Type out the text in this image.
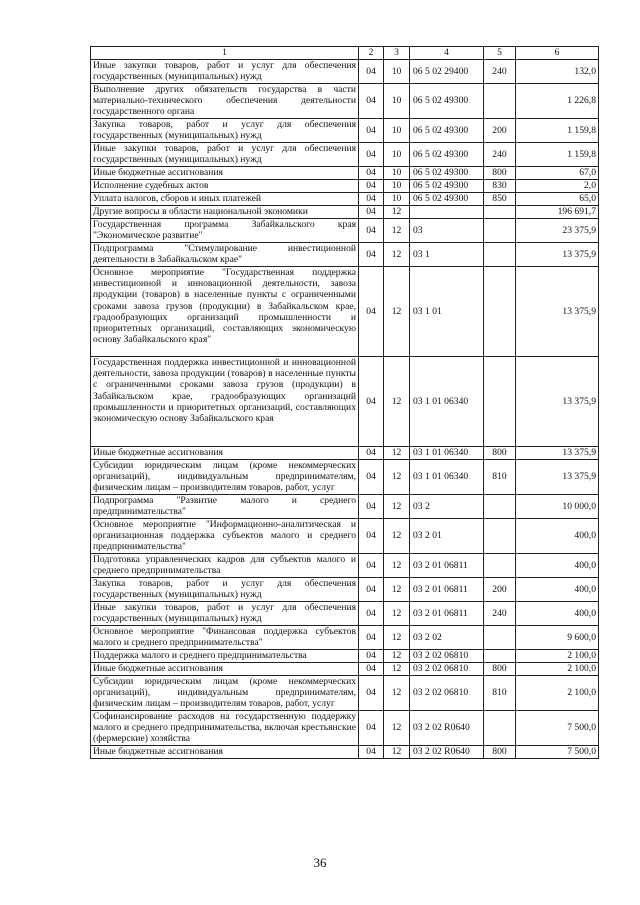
1	2	3	4	5	6
Иные закупки товаров, работ и услуг для обеспечения государственных (муниципальных) нужд	04	10	06 5 02 29400	240	132,0
Выполнение других обязательств государства в части материально-технического обеспечения деятельности государственного органа	04	10	06 5 02 49300		1 226,8
Закупка товаров, работ и услуг для обеспечения государственных (муниципальных) нужд	04	10	06 5 02 49300	200	1 159,8
Иные закупки товаров, работ и услуг для обеспечения государственных (муниципальных) нужд	04	10	06 5 02 49300	240	1 159,8
Иные бюджетные ассигнования	04	10	06 5 02 49300	800	67,0
Исполнение судебных актов	04	10	06 5 02 49300	830	2,0
Уплата налогов, сборов и иных платежей	04	10	06 5 02 49300	850	65,0
Другие вопросы в области национальной экономики	04	12			196 691,7
Государственная программа Забайкальского края "Экономическое развитие"	04	12	03		23 375,9
Подпрограмма "Стимулирование инвестиционной деятельности в Забайкальском крае"	04	12	03 1		13 375,9
Основное мероприятие "Государственная поддержка инвестиционной и инновационной деятельности, завоза продукции (товаров) в населенные пункты с ограниченными сроками завоза грузов (продукции) в Забайкальском крае, градообразующих организаций промышленности и приоритетных организаций, составляющих экономическую основу Забайкальского края"	04	12	03 1 01		13 375,9
Государственная поддержка инвестиционной и инновационной деятельности, завоза продукции (товаров) в населенные пункты с ограниченными сроками завоза грузов (продукции) в Забайкальском крае, градообразующих организаций промышленности и приоритетных организаций, составляющих экономическую основу Забайкальского края	04	12	03 1 01 06340		13 375,9
Иные бюджетные ассигнования	04	12	03 1 01 06340	800	13 375,9
Субсидии юридическим лицам (кроме некоммерческих организаций), индивидуальным предпринимателям, физическим лицам – производителям товаров, работ, услуг	04	12	03 1 01 06340	810	13 375,9
Подпрограмма "Развитие малого и среднего предпринимательства"	04	12	03 2		10 000,0
Основное мероприятие "Информационно-аналитическая и организационная поддержка субъектов малого и среднего предпринимательства"	04	12	03 2 01		400,0
Подготовка управленческих кадров для субъектов малого и среднего предпринимательства	04	12	03 2 01 06811		400,0
Закупка товаров, работ и услуг для обеспечения государственных (муниципальных) нужд	04	12	03 2 01 06811	200	400,0
Иные закупки товаров, работ и услуг для обеспечения государственных (муниципальных) нужд	04	12	03 2 01 06811	240	400,0
Основное мероприятие "Финансовая поддержка субъектов малого и среднего предпринимательства"	04	12	03 2 02		9 600,0
Поддержка малого и среднего предпринимательства	04	12	03 2 02 06810		2 100,0
Иные бюджетные ассигнования	04	12	03 2 02 06810	800	2 100,0
Субсидии юридическим лицам (кроме некоммерческих организаций), индивидуальным предпринимателям, физическим лицам – производителям товаров, работ, услуг	04	12	03 2 02 06810	810	2 100,0
Софинансирование расходов на государственную поддержку малого и среднего предпринимательства, включая крестьянские (фермерские) хозяйства	04	12	03 2 02 R0640		7 500,0
Иные бюджетные ассигнования	04	12	03 2 02 R0640	800	7 500,0
36
